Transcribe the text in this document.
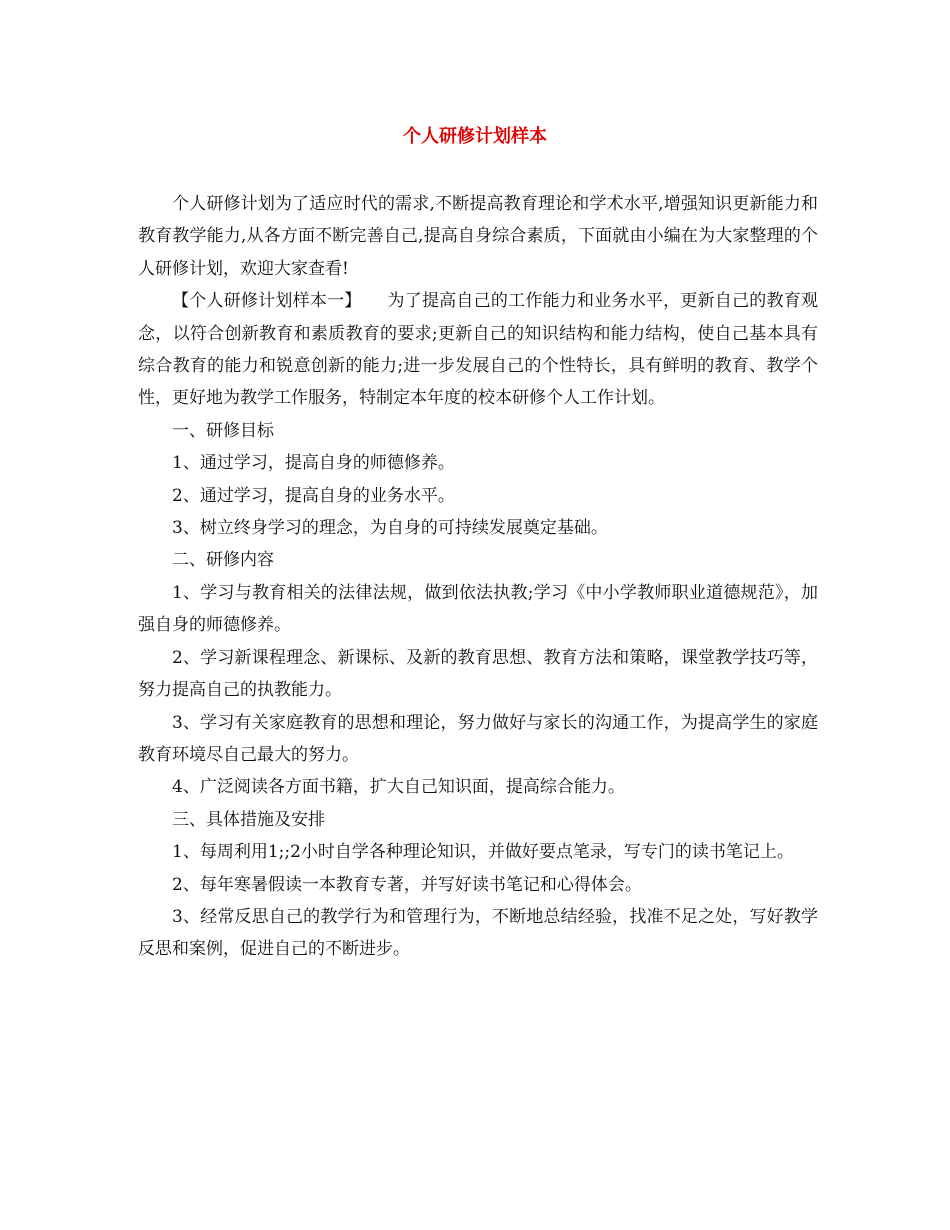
个人研修计划样本

个人研修计划为了适应时代的需求,不断提高教育理论和学术水平,增强知识更新能力和教育教学能力,从各方面不断完善自己,提高自身综合素质，下面就由小编在为大家整理的个人研修计划，欢迎大家查看!

【个人研修计划样本一】　　为了提高自己的工作能力和业务水平，更新自己的教育观念，以符合创新教育和素质教育的要求;更新自己的知识结构和能力结构，使自己基本具有综合教育的能力和锐意创新的能力;进一步发展自己的个性特长，具有鲜明的教育、教学个性，更好地为教学工作服务，特制定本年度的校本研修个人工作计划。

一、研修目标

1、通过学习，提高自身的师德修养。

2、通过学习，提高自身的业务水平。

3、树立终身学习的理念，为自身的可持续发展奠定基础。

二、研修内容

1、学习与教育相关的法律法规，做到依法执教;学习《中小学教师职业道德规范》，加强自身的师德修养。

2、学习新课程理念、新课标、及新的教育思想、教育方法和策略，课堂教学技巧等，努力提高自己的执教能力。

3、学习有关家庭教育的思想和理论，努力做好与家长的沟通工作，为提高学生的家庭教育环境尽自己最大的努力。

4、广泛阅读各方面书籍，扩大自己知识面，提高综合能力。

三、具体措施及安排

1、每周利用1;;2小时自学各种理论知识，并做好要点笔录，写专门的读书笔记上。

2、每年寒暑假读一本教育专著，并写好读书笔记和心得体会。

3、经常反思自己的教学行为和管理行为，不断地总结经验，找准不足之处，写好教学反思和案例，促进自己的不断进步。
